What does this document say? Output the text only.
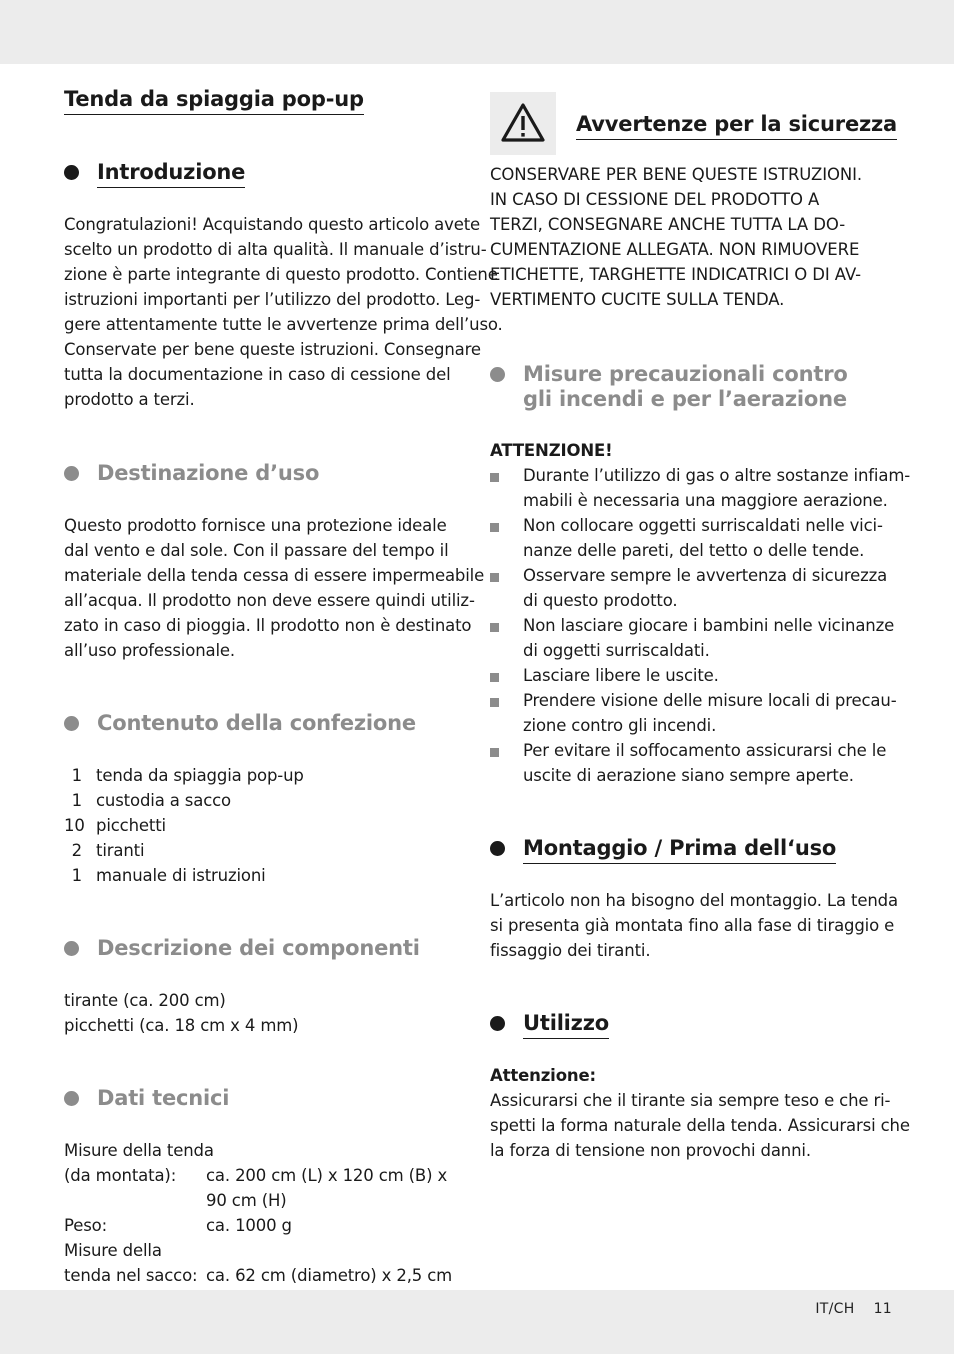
Tenda da spiaggia pop-up
Introduzione
Congratulazioni! Acquistando questo articolo avete
scelto un prodotto di alta qualità. Il manuale d’istru-
zione è parte integrante di questo prodotto. Contiene
istruzioni importanti per l’utilizzo del prodotto. Leg-
gere attentamente tutte le avvertenze prima dell’uso.
Conservate per bene queste istruzioni. Consegnare
tutta la documentazione in caso di cessione del
prodotto a terzi.
Destinazione d’uso
Questo prodotto fornisce una protezione ideale
dal vento e dal sole. Con il passare del tempo il
materiale della tenda cessa di essere impermeabile
all’acqua. Il prodotto non deve essere quindi utiliz-
zato in caso di pioggia. Il prodotto non è destinato
all’uso professionale.
Contenuto della confezione
1 tenda da spiaggia pop-up
1 custodia a sacco
10 picchetti
2 tiranti
1 manuale di istruzioni
Descrizione dei componenti
tirante (ca. 200 cm)
picchetti (ca. 18 cm x 4 mm)
Dati tecnici
Misure della tenda
(da montata): ca. 200 cm (L) x 120 cm (B) x
90 cm (H)
Peso:	ca. 1000 g
Misure della
tenda nel sacco: ca. 62 cm (diametro) x 2,5 cm
Avvertenze per la sicurezza
CONSERVARE PER BENE QUESTE ISTRUZIONI.
IN CASO DI CESSIONE DEL PRODOTTO A
TERZI, CONSEGNARE ANCHE TUTTA LA DO-
CUMENTAZIONE ALLEGATA. NON RIMUOVERE
ETICHETTE, TARGHETTE INDICATRICI O DI AV-
VERTIMENTO CUCITE SULLA TENDA.
Misure precauzionali contro
gli incendi e per l’aerazione
ATTENZIONE!
Durante l’utilizzo di gas o altre sostanze infiam-
mabili è necessaria una maggiore aerazione.
Non collocare oggetti surriscaldati nelle vici-
nanze delle pareti, del tetto o delle tende.
Osservare sempre le avvertenza di sicurezza
di questo prodotto.
Non lasciare giocare i bambini nelle vicinanze
di oggetti surriscaldati.
Lasciare libere le uscite.
Prendere visione delle misure locali di precau-
zione contro gli incendi.
Per evitare il soffocamento assicurarsi che le
uscite di aerazione siano sempre aperte.
Montaggio / Prima dell‘uso
L’articolo non ha bisogno del montaggio. La tenda
si presenta già montata fino alla fase di tiraggio e
fissaggio dei tiranti.
Utilizzo
Attenzione:
Assicurarsi che il tirante sia sempre teso e che ri-
spetti la forma naturale della tenda. Assicurarsi che
la forza di tensione non provochi danni.
IT/CH 11
